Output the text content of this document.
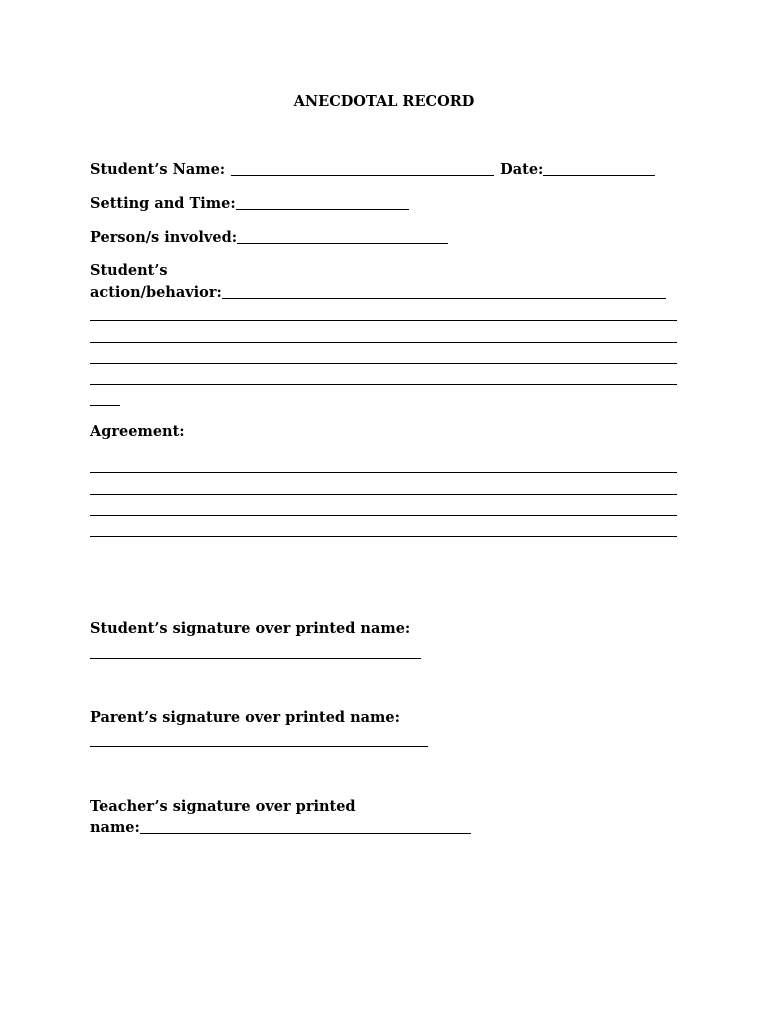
ANECDOTAL RECORD
Student’s Name:	Date:
Setting and Time:
Person/s involved:
Student’s
action/behavior:
Agreement:
Student’s signature over printed name:
Parent’s signature over printed name:
Teacher’s signature over printed
name:
